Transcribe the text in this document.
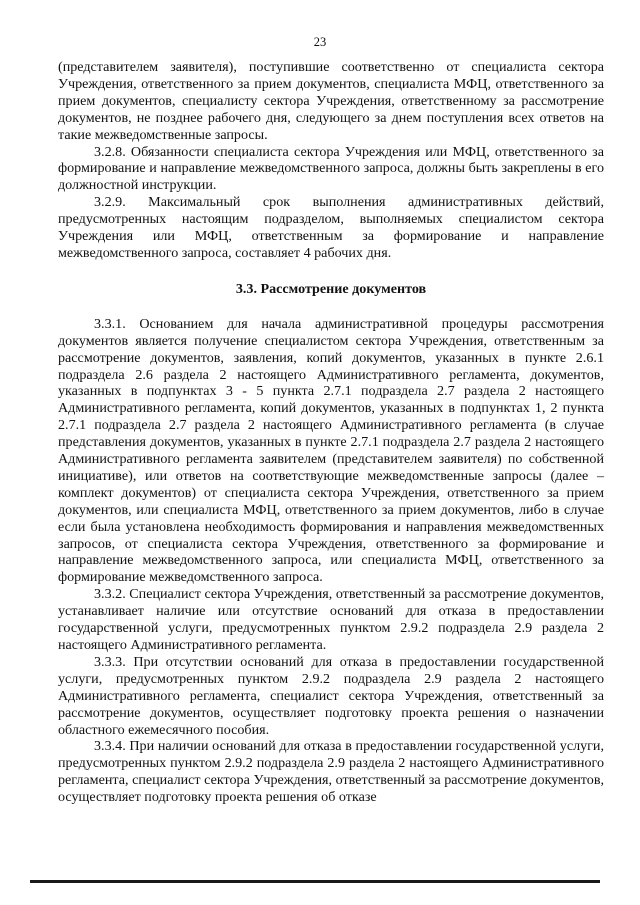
23

(представителем заявителя), поступившие соответственно от специалиста сектора Учреждения, ответственного за прием документов, специалиста МФЦ, ответственного за прием документов, специалисту сектора Учреждения, ответственному за рассмотрение документов, не позднее рабочего дня, следующего за днем поступления всех ответов на такие межведомственные запросы.

3.2.8. Обязанности специалиста сектора Учреждения или МФЦ, ответственного за формирование и направление межведомственного запроса, должны быть закреплены в его должностной инструкции.

3.2.9. Максимальный срок выполнения административных действий, предусмотренных настоящим подразделом, выполняемых специалистом сектора Учреждения или МФЦ, ответственным за формирование и направление межведомственного запроса, составляет 4 рабочих дня.

3.3. Рассмотрение документов

3.3.1. Основанием для начала административной процедуры рассмотрения документов является получение специалистом сектора Учреждения, ответственным за рассмотрение документов, заявления, копий документов, указанных в пункте 2.6.1 подраздела 2.6 раздела 2 настоящего Административного регламента, документов, указанных в подпунктах 3 - 5 пункта 2.7.1 подраздела 2.7 раздела 2 настоящего Административного регламента, копий документов, указанных в подпунктах 1, 2 пункта 2.7.1 подраздела 2.7 раздела 2 настоящего Административного регламента (в случае представления документов, указанных в пункте 2.7.1 подраздела 2.7 раздела 2 настоящего Административного регламента заявителем (представителем заявителя) по собственной инициативе), или ответов на соответствующие межведомственные запросы (далее – комплект документов) от специалиста сектора Учреждения, ответственного за прием документов, или специалиста МФЦ, ответственного за прием документов, либо в случае если была установлена необходимость формирования и направления межведомственных запросов, от специалиста сектора Учреждения, ответственного за формирование и направление межведомственного запроса, или специалиста МФЦ, ответственного за формирование межведомственного запроса.

3.3.2. Специалист сектора Учреждения, ответственный за рассмотрение документов, устанавливает наличие или отсутствие оснований для отказа в предоставлении государственной услуги, предусмотренных пунктом 2.9.2 подраздела 2.9 раздела 2 настоящего Административного регламента.

3.3.3. При отсутствии оснований для отказа в предоставлении государственной услуги, предусмотренных пунктом 2.9.2 подраздела 2.9 раздела 2 настоящего Административного регламента, специалист сектора Учреждения, ответственный за рассмотрение документов, осуществляет подготовку проекта решения о назначении областного ежемесячного пособия.

3.3.4. При наличии оснований для отказа в предоставлении государственной услуги, предусмотренных пунктом 2.9.2 подраздела 2.9 раздела 2 настоящего Административного регламента, специалист сектора Учреждения, ответственный за рассмотрение документов, осуществляет подготовку проекта решения об отказе
